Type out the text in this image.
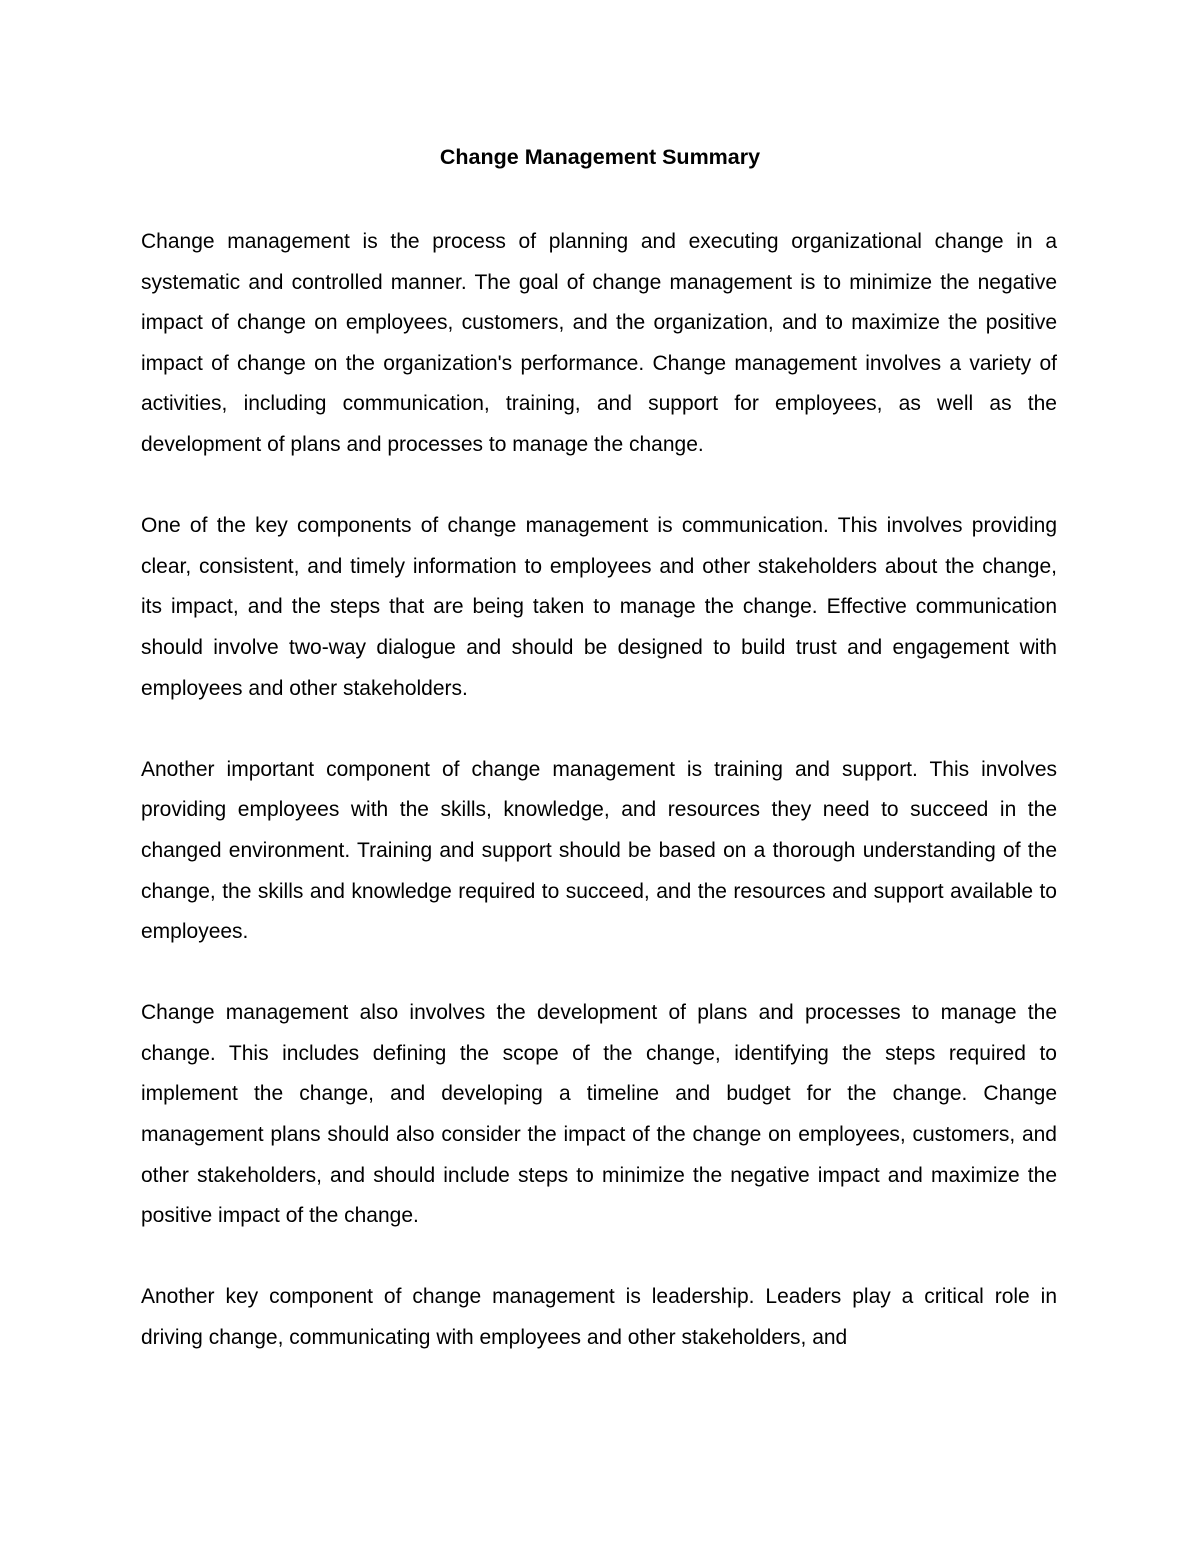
Change Management Summary

Change management is the process of planning and executing organizational change in a systematic and controlled manner. The goal of change management is to minimize the negative impact of change on employees, customers, and the organization, and to maximize the positive impact of change on the organization's performance. Change management involves a variety of activities, including communication, training, and support for employees, as well as the development of plans and processes to manage the change.

One of the key components of change management is communication. This involves providing clear, consistent, and timely information to employees and other stakeholders about the change, its impact, and the steps that are being taken to manage the change. Effective communication should involve two-way dialogue and should be designed to build trust and engagement with employees and other stakeholders.

Another important component of change management is training and support. This involves providing employees with the skills, knowledge, and resources they need to succeed in the changed environment. Training and support should be based on a thorough understanding of the change, the skills and knowledge required to succeed, and the resources and support available to employees.

Change management also involves the development of plans and processes to manage the change. This includes defining the scope of the change, identifying the steps required to implement the change, and developing a timeline and budget for the change. Change management plans should also consider the impact of the change on employees, customers, and other stakeholders, and should include steps to minimize the negative impact and maximize the positive impact of the change.

Another key component of change management is leadership. Leaders play a critical role in driving change, communicating with employees and other stakeholders, and
